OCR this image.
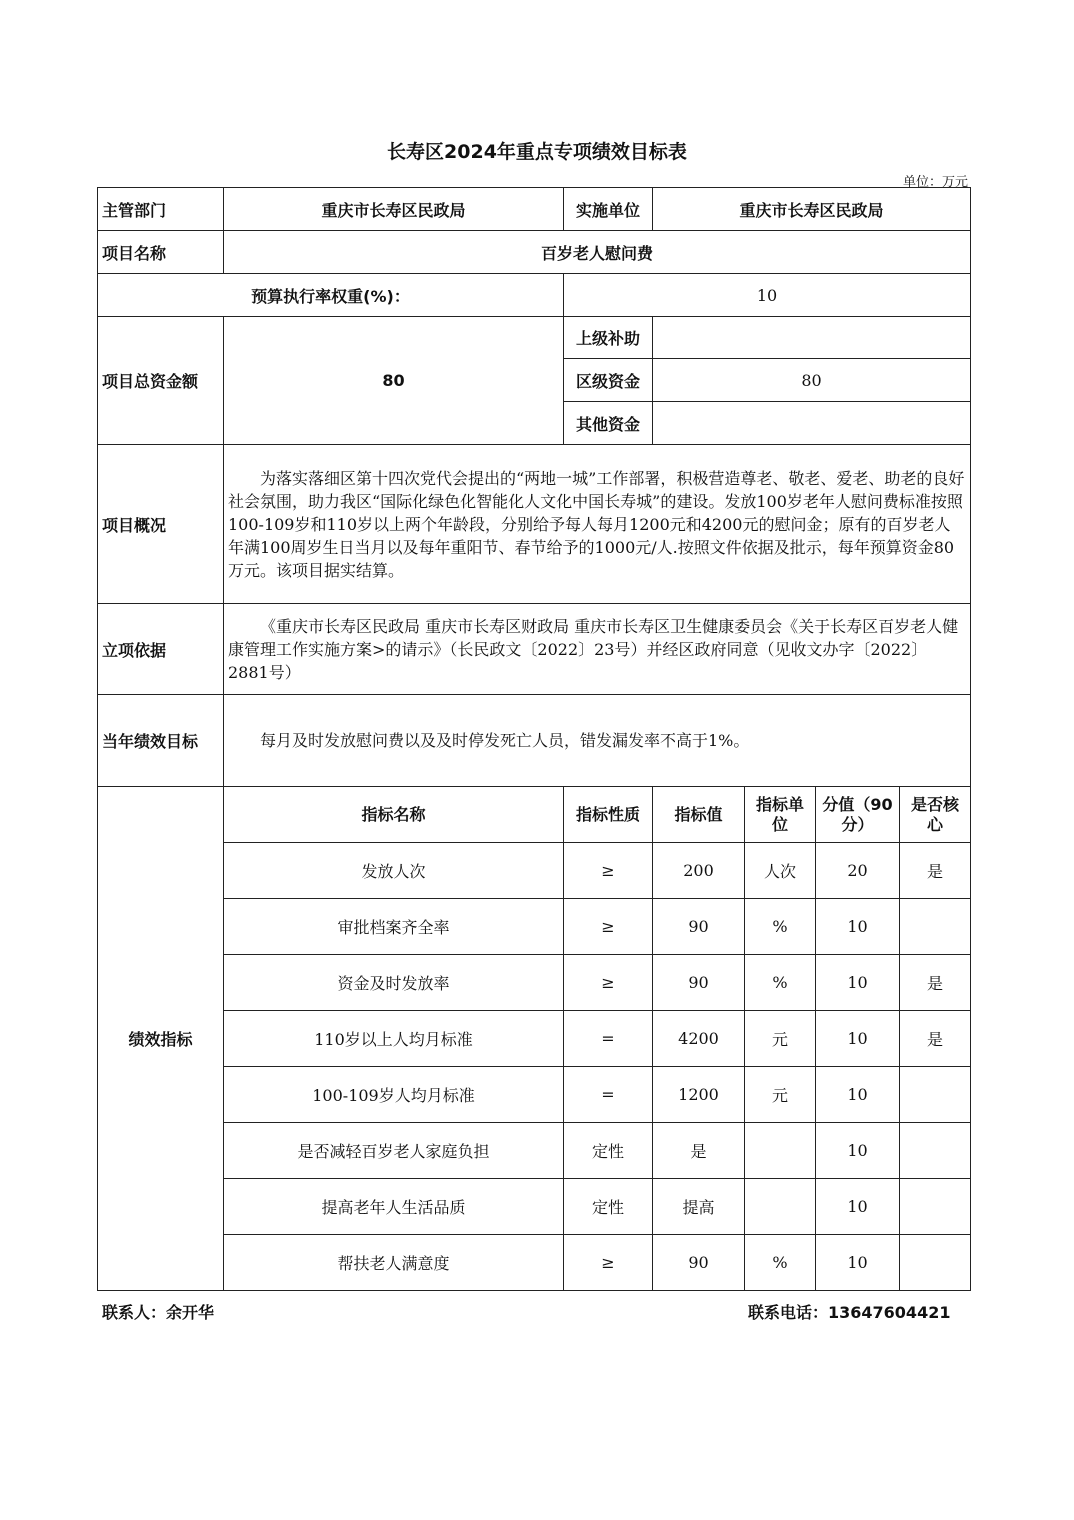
长寿区2024年重点专项绩效目标表
单位：万元
主管部门	重庆市长寿区民政局	实施单位	重庆市长寿区民政局			
项目名称	百岁老人慰问费					
预算执行率权重(%)：		10				
项目总资金额	80	上级补助				
		区级资金	80			
		其他资金				
项目概况	为落实落细区第十四次党代会提出的“两地一城”工作部署，积极营造尊老、敬老、爱老、助老的良好社会氛围，助力我区“国际化绿色化智能化人文化中国长寿城”的建设。发放100岁老年人慰问费标准按照100-109岁和110岁以上两个年龄段，分别给予每人每月1200元和4200元的慰问金；原有的百岁老人年满100周岁生日当月以及每年重阳节、春节给予的1000元/人.按照文件依据及批示，每年预算资金80万元。该项目据实结算。					

立项依据	《重庆市长寿区民政局 重庆市长寿区财政局 重庆市长寿区卫生健康委员会《关于长寿区百岁老人健康管理工作实施方案>的请示》（长民政文〔2022〕23号）并经区政府同意（见收文办字〔2022〕2881号）					

当年绩效目标	每月及时发放慰问费以及及时停发死亡人员，错发漏发率不高于1%。					

绩效指标	指标名称	指标性质	指标值	指标单位	分值（90分）	是否核心
	发放人次	≥	200	人次	20	是
	审批档案齐全率	≥	90	%	10	
	资金及时发放率	≥	90	%	10	是
	110岁以上人均月标准	=	4200	元	10	是
	100-109岁人均月标准	=	1200	元	10	
	是否减轻百岁老人家庭负担	定性	是		10	
	提高老年人生活品质	定性	提高		10	
	帮扶老人满意度	≥	90	%	10	
联系人：余开华	联系电话：13647604421
